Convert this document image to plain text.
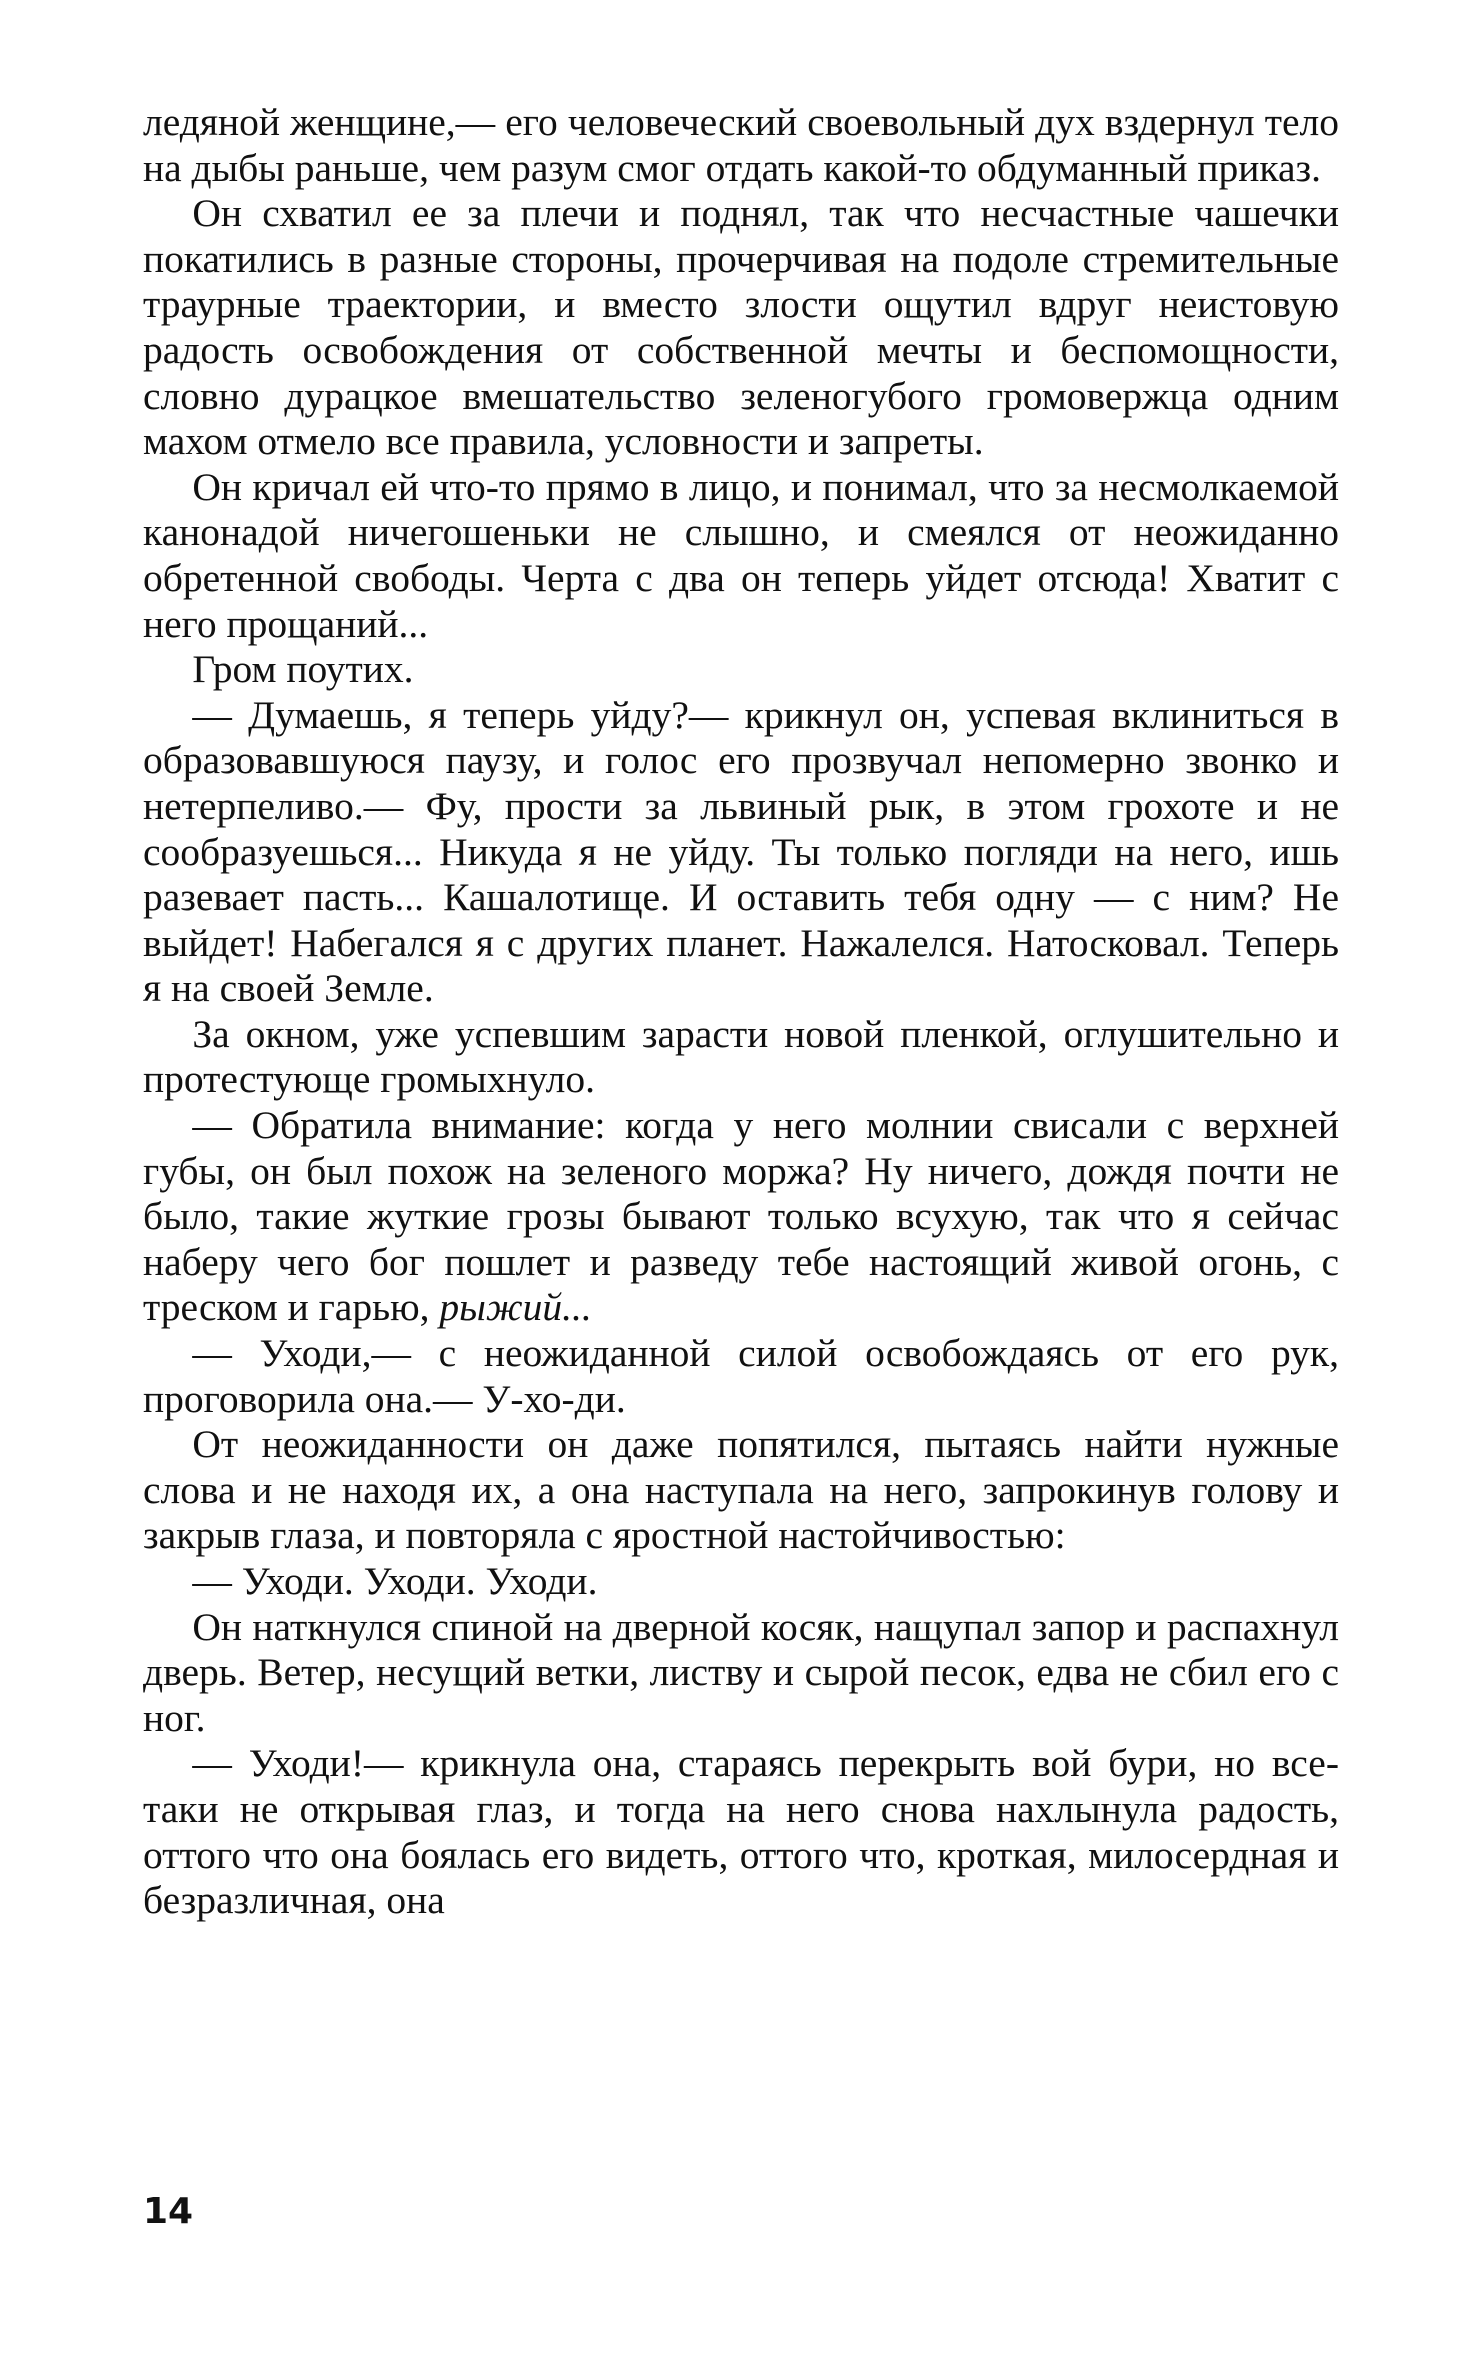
ледяной женщине,— его человеческий своевольный дух вздернул тело на дыбы раньше, чем разум смог отдать какой-то обдуманный приказ.

Он схватил ее за плечи и поднял, так что несчастные чашечки покатились в разные стороны, прочерчивая на подоле стремительные траурные траектории, и вместо злости ощутил вдруг неистовую радость освобождения от собственной мечты и беспомощности, словно дурацкое вмешательство зеленогубого громовержца одним махом отмело все правила, условности и запреты.

Он кричал ей что-то прямо в лицо, и понимал, что за несмолкаемой канонадой ничегошеньки не слышно, и смеялся от неожиданно обретенной свободы. Черта с два он теперь уйдет отсюда! Хватит с него прощаний...

Гром поутих.

— Думаешь, я теперь уйду?— крикнул он, успевая вклиниться в образовавшуюся паузу, и голос его прозвучал непомерно звонко и нетерпеливо.— Фу, прости за львиный рык, в этом грохоте и не сообразуешься... Никуда я не уйду. Ты только погляди на него, ишь разевает пасть... Кашалотище. И оставить тебя одну — с ним? Не выйдет! Набегался я с других планет. Нажалелся. Натосковал. Теперь я на своей Земле.

За окном, уже успевшим зарасти новой пленкой, оглушительно и протестующе громыхнуло.

— Обратила внимание: когда у него молнии свисали с верхней губы, он был похож на зеленого моржа? Ну ничего, дождя почти не было, такие жуткие грозы бывают только всухую, так что я сейчас наберу чего бог пошлет и разведу тебе настоящий живой огонь, с треском и гарью, рыжий...

— Уходи,— с неожиданной силой освобождаясь от его рук, проговорила она.— У-хо-ди.

От неожиданности он даже попятился, пытаясь найти нужные слова и не находя их, а она наступала на него, запрокинув голову и закрыв глаза, и повторяла с яростной настойчивостью:

— Уходи. Уходи. Уходи.

Он наткнулся спиной на дверной косяк, нащупал запор и распахнул дверь. Ветер, несущий ветки, листву и сырой песок, едва не сбил его с ног.

— Уходи!— крикнула она, стараясь перекрыть вой бури, но все-таки не открывая глаз, и тогда на него снова нахлынула радость, оттого что она боялась его видеть, оттого что, кроткая, милосердная и безразличная, она

14
